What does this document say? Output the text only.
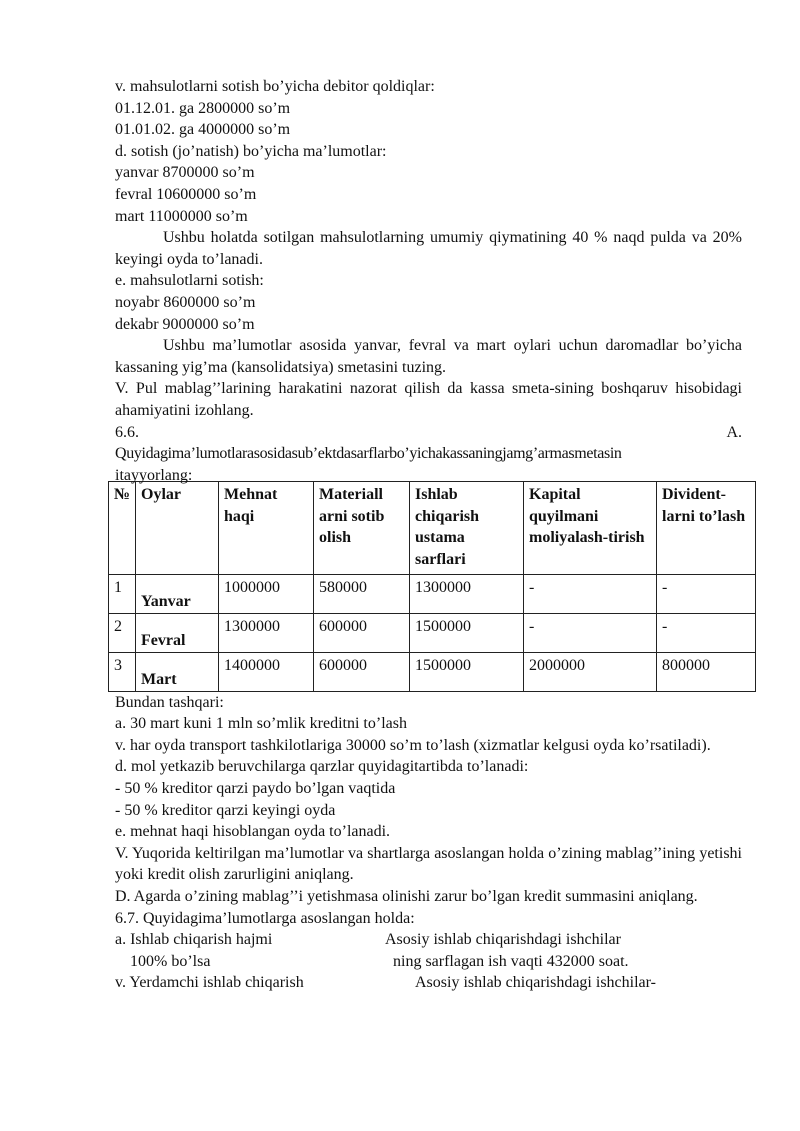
v. mahsulotlarni sotish bo’yicha debitor qoldiqlar:
01.12.01. ga 2800000 so’m
01.01.02. ga 4000000 so’m
d. sotish (jo’natish) bo’yicha ma’lumotlar:
yanvar 8700000 so’m
fevral 10600000 so’m
mart 11000000 so’m
Ushbu holatda sotilgan mahsulotlarning umumiy qiymatining 40 % naqd pulda va 20% keyingi oyda to’lanadi.
e. mahsulotlarni sotish:
noyabr 8600000 so’m
dekabr 9000000 so’m
Ushbu ma’lumotlar asosida yanvar, fevral va mart oylari uchun daromadlar bo’yicha kassaning yig’ma (kansolidatsiya) smetasini tuzing.
V. Pul mablag’’larining harakatini nazorat qilish da kassa smeta-sining boshqaruv hisobidagi ahamiyatini izohlang.
6.6.	A.
Quyidagima’lumotlarasosidasub’ektdasarflarbo’yichakassaningjamg’armasmetasin
itayyorlang:
№	Oylar	Mehnat haqi	Materiall arni sotib olish	Ishlab chiqarish ustama sarflari	Kapital quyilmani moliyalash-tirish	Divident-larni to’lash
1	Yanvar	1000000	580000	1300000	-	-
2	Fevral	1300000	600000	1500000	-	-
3	Mart	1400000	600000	1500000	2000000	800000
Bundan tashqari:
a. 30 mart kuni 1 mln so’mlik kreditni to’lash
v. har oyda transport tashkilotlariga 30000 so’m to’lash (xizmatlar kelgusi oyda ko’rsatiladi).
d. mol yetkazib beruvchilarga qarzlar quyidagitartibda to’lanadi:
- 50 % kreditor qarzi paydo bo’lgan vaqtida
- 50 % kreditor qarzi keyingi oyda
e. mehnat haqi hisoblangan oyda to’lanadi.
V. Yuqorida keltirilgan ma’lumotlar va shartlarga asoslangan holda o’zining mablag’’ining yetishi yoki kredit olish zarurligini aniqlang.
D. Agarda o’zining mablag’’i yetishmasa olinishi zarur bo’lgan kredit summasini aniqlang.
6.7. Quyidagima’lumotlarga asoslangan holda:
a. Ishlab chiqarish hajmi	Asosiy ishlab chiqarishdagi ishchilar
100% bo’lsa	ning sarflagan ish vaqti 432000 soat.
v. Yerdamchi ishlab chiqarish	Asosiy ishlab chiqarishdagi ishchilar-
